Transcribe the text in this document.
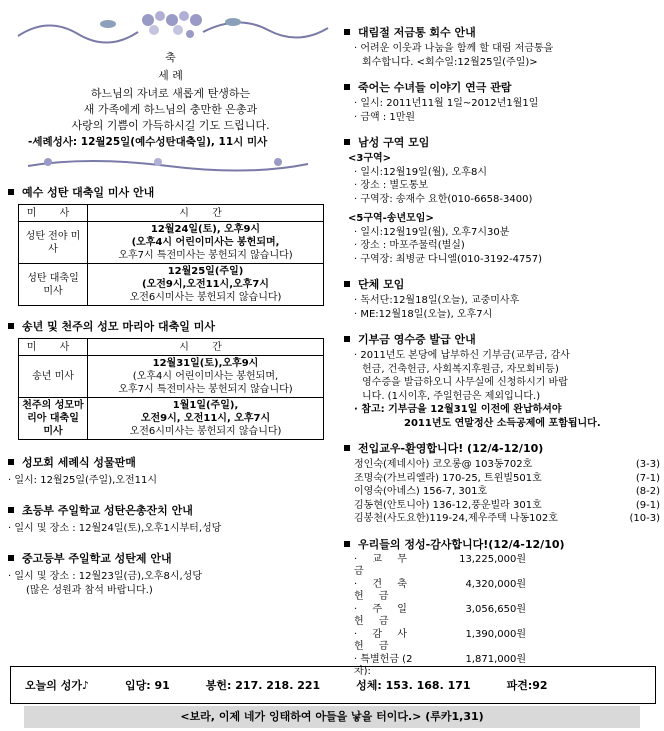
축
세 례
하느님의 자녀로 새롭게 탄생하는
새 가족에게 하느님의 충만한 은총과
사랑의 기쁨이 가득하시길 기도 드립니다.
-세례성사: 12월25일(예수성탄대축일), 11시 미사
예수 성탄 대축일 미사 안내
미 사	시 간
성탄 전야 미사	12월24일(토), 오후9시
(오후4시 어린이미사는 봉헌되며,
오후7시 특전미사는 봉헌되지 않습니다)

성탄 대축일 미사	12월25일(주일)
(오전9시,오전11시,오후7시
오전6시미사는 봉헌되지 않습니다)
송년 및 천주의 성모 마리아 대축일 미사
미 사	시 간
송년 미사	12월31일(토),오후9시
(오후4시 어린이미사는 봉헌되며,
오후7시 특전미사는 봉헌되지 않습니다)

천주의 성모마리아 대축일 미사	1월1일(주일),
오전9시, 오전11시, 오후7시
오전6시미사는 봉헌되지 않습니다)
성모회 세례식 성물판매
· 일시: 12월25일(주일),오전11시
초등부 주일학교 성탄은총잔치 안내
· 일시 및 장소 : 12월24일(토),오후1시부터,성당
중고등부 주일학교 성탄제 안내
· 일시 및 장소 : 12월23일(금),오후8시,성당
(많은 성원과 참석 바랍니다.)
대림절 저금통 회수 안내
· 어려운 이웃과 나눔을 함께 할 대림 저금통을
회수합니다. <회수일:12월25일(주일)>
죽어는 수녀들 이야기 연극 관람
· 일시: 2011년11월 1일~2012년1월1일
· 금액 : 1만원
남성 구역 모임
<3구역>
· 일시:12월19일(월), 오후8시
· 장소 : 별도통보
· 구역장: 송재수 요한(010-6658-3400)
<5구역-송년모임>
· 일시:12월19일(월), 오후7시30분
· 장소 : 마포주물럭(별실)
· 구역장: 최병균 다니엘(010-3192-4757)
단체 모임
· 독서단:12월18일(오늘), 교중미사후
· ME:12월18일(오늘), 오후7시
기부금 영수증 발급 안내
· 2011년도 본당에 납부하신 기부금(교무금, 감사
헌금, 건축헌금, 사회복지후원금, 자모회비등)
영수증을 발급하오니 사무실에 신청하시기 바랍
니다. (1시이후, 주일헌금은 제외입니다.)
· 참고: 기부금을 12월31일 이전에 완납하셔야
2011년도 연말정산 소득공제에 포함됩니다.
전입교우-환영합니다! (12/4-12/10)
정인숙(제네시아) 코오롱@ 103동702호	(3-3)
조명숙(가브리엘라) 170-25, 트윈빌501호	(7-1)
이영숙(아녜스) 156-7, 301호	(8-2)
김동현(안토니아) 136-12,풍운빌라 301호	(9-1)
김봉천(사도요한)119-24,제우주택 나동102호	(10-3)
우리들의 정성-감사합니다!(12/4-12/10)
· 교 무 금
13,225,000원
· 건 축 헌 금
4,320,000원
· 주 일 헌 금
3,056,650원
· 감 사 헌 금
1,390,000원
· 특별헌금 (2차):
1,871,000원
오늘의 성가♪	입당: 91	봉헌: 217. 218. 221	성체: 153. 168. 171	파견:92
<보라, 이제 네가 잉태하여 아들을 낳을 터이다.> (루카1,31)
